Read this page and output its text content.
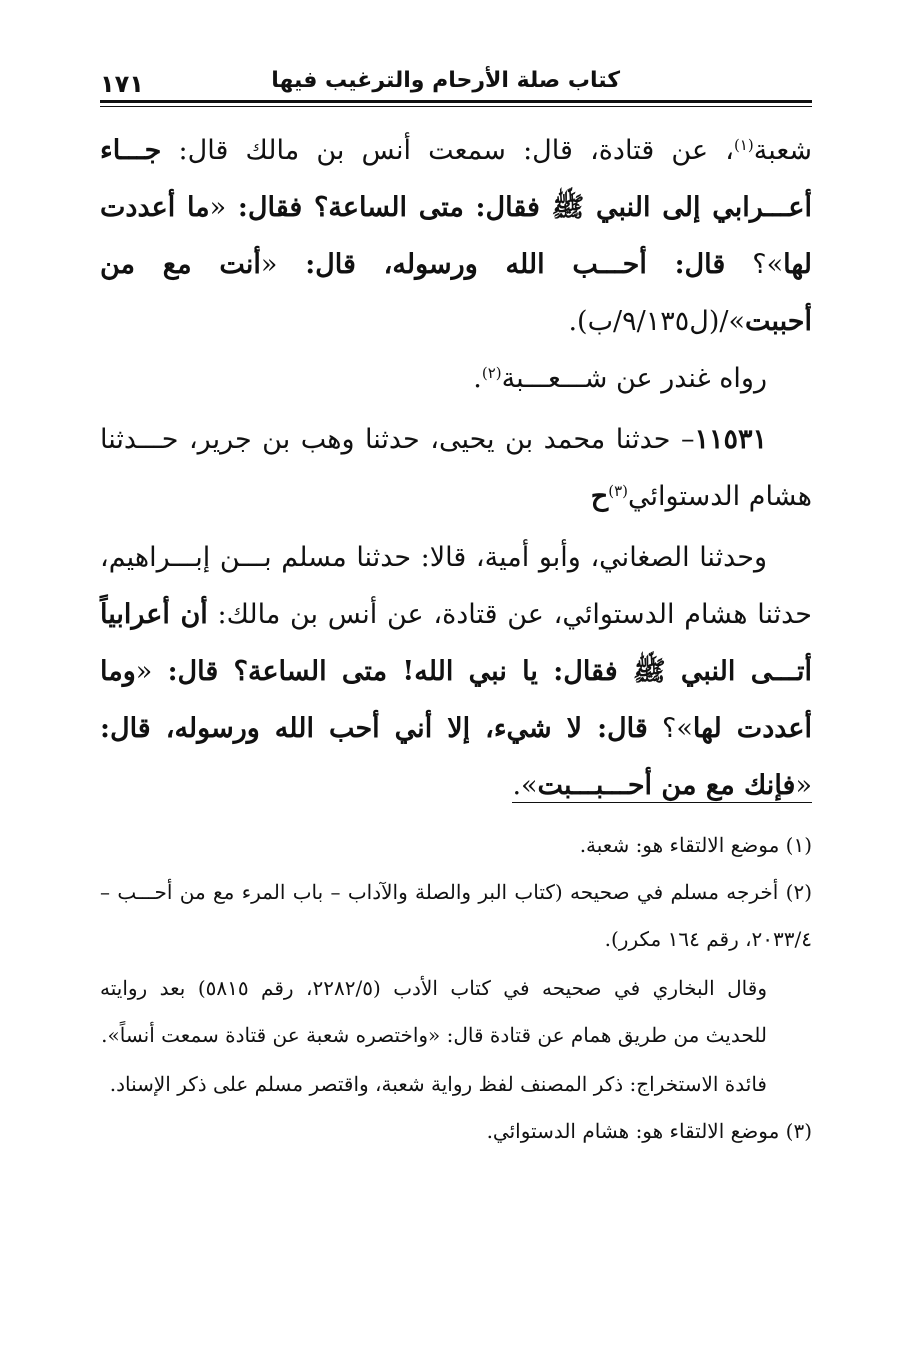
كتاب صلة الأرحام والترغيب فيها
١٧١

شعبة$^{(١)}$، عن قتادة، قال: سمعت أنس بن مالك قال: جـــاء أعـــرابي إلى النبي ﷺ فقال: متى الساعة؟ فقال: «ما أعددت لها»؟ قال: أحـــب الله ورسوله، قال: «أنت مع من أحببت»/(ل٩/١٣٥/ب).

رواه غندر عن شـــعـــبة$^{(٢)}$.

١١٥٣١– حدثنا محمد بن يحيى، حدثنا وهب بن جرير، حـــدثنا هشام الدستوائي$^{(٣)}$ح

وحدثنا الصغاني، وأبو أمية، قالا: حدثنا مسلم بـــن إبـــراهيم، حدثنا هشام الدستوائي، عن قتادة، عن أنس بن مالك: أن أعرابياً أتـــى النبي ﷺ فقال: يا نبي الله! متى الساعة؟ قال: «وما أعددت لها»؟ قال: لا شيء، إلا أني أحب الله ورسوله، قال: «فإنك مع من أحـــبـــبت».

(١) موضع الالتقاء هو: شعبة.

(٢) أخرجه مسلم في صحيحه (كتاب البر والصلة والآداب – باب المرء مع من أحـــب – ٢٠٣٣/٤، رقم ١٦٤ مكرر).

وقال البخاري في صحيحه في كتاب الأدب (٢٢٨٢/٥، رقم ٥٨١٥) بعد روايته للحديث من طريق همام عن قتادة قال: «واختصره شعبة عن قتادة سمعت أنساً».

فائدة الاستخراج: ذكر المصنف لفظ رواية شعبة، واقتصر مسلم على ذكر الإسناد.

(٣) موضع الالتقاء هو: هشام الدستوائي.
